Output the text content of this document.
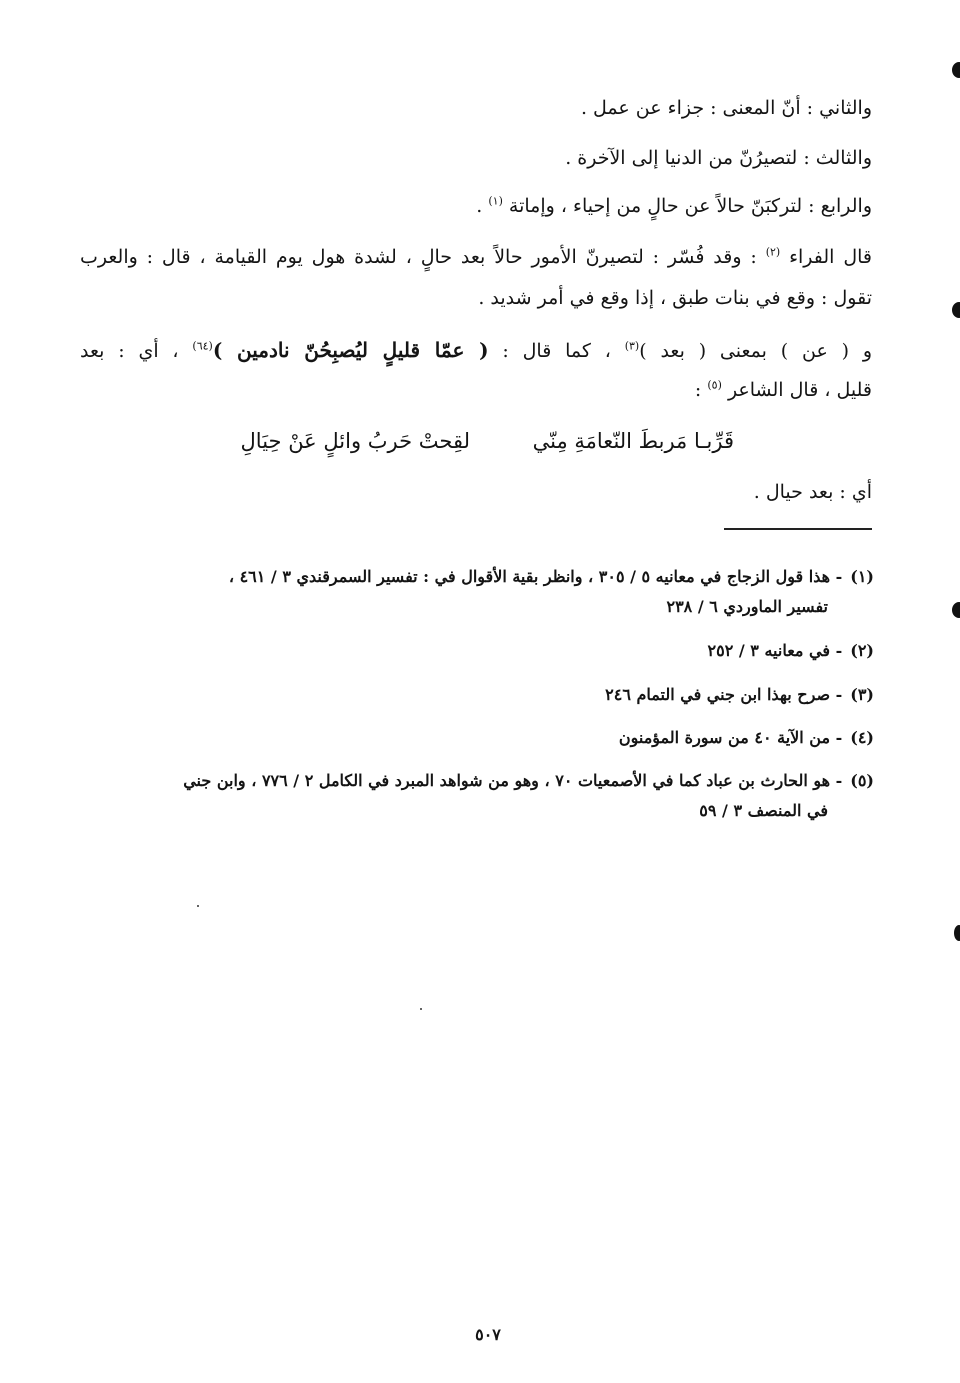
والثاني : أنّ المعنى : جزاء عن عمل .
والثالث : لتصيرُنّ من الدنيا إلى الآخرة .
والرابع : لتركبَنّ حالاً عن حالٍ من إحياء ، وإماتة $^{(١)}$ .
قال الفراء $^{(٢)}$ : وقد فُسّر : لتصيرنّ الأمور حالاً بعد حالٍ ، لشدة هول يوم القيامة ، قال : والعرب
تقول : وقع في بنات طبق ، إذا وقع في أمر شديد .
و ( عن ) بمعنى ( بعد )$^{(٣)}$ ، كما قال : ( عمّا قليلٍ ليُصبِحُنّ نادمين )$^{(٦٤)}$ ، أي : بعد
قليل ، قال الشاعر $^{(٥)}$ :
قَرِّبـا مَربطَ النّعامَةِ مِنّي
لقِحتْ حَربُ وائلٍ عَنْ حِيَالِ
أي : بعد حيال .
(١)- هذا قول الزجاج في معانيه ٥ / ٣٠٥ ، وانظر بقية الأقوال في : تفسير السمرقندي ٣ / ٤٦١ ،
تفسير الماوردي ٦ / ٢٣٨
(٢)- في معانيه ٣ / ٢٥٢
(٣)- صرح بهذا ابن جني في التمام ٢٤٦
(٤)- من الآية ٤٠ من سورة المؤمنون
(٥)- هو الحارث بن عباد كما في الأصمعيات ٧٠ ، وهو من شواهد المبرد في الكامل ٢ / ٧٧٦ ، وابن جني
في المنصف ٣ / ٥٩
٥٠٧
